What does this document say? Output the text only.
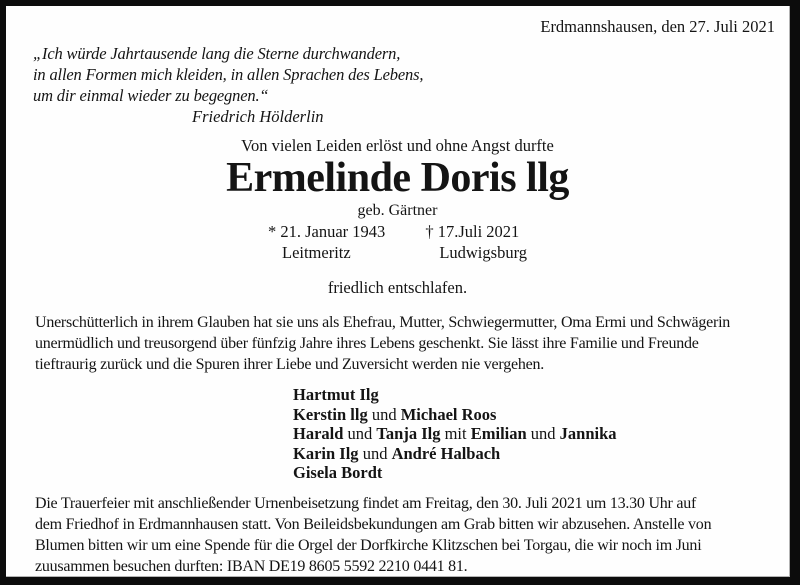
Erdmannshausen, den 27. Juli 2021
„Ich würde Jahrtausende lang die Sterne durchwandern,
in allen Formen mich kleiden, in allen Sprachen des Lebens,
um dir einmal wieder zu begegnen.“
Friedrich Hölderlin
Von vielen Leiden erlöst und ohne Angst durfte
Ermelinde Doris llg
geb. Gärtner
* 21. Januar 1943
Leitmeritz
† 17.Juli 2021
Ludwigsburg
friedlich entschlafen.
Unerschütterlich in ihrem Glauben hat sie uns als Ehefrau, Mutter, Schwiegermutter, Oma Ermi und Schwägerin
unermüdlich und treusorgend über fünfzig Jahre ihres Lebens geschenkt. Sie lässt ihre Familie und Freunde
tieftraurig zurück und die Spuren ihrer Liebe und Zuversicht werden nie vergehen.
Hartmut Ilg
Kerstin llg und Michael Roos
Harald und Tanja Ilg mit Emilian und Jannika
Karin Ilg und André Halbach
Gisela Bordt
Die Trauerfeier mit anschließender Urnenbeisetzung findet am Freitag, den 30. Juli 2021 um 13.30 Uhr auf
dem Friedhof in Erdmannhausen statt. Von Beileidsbekundungen am Grab bitten wir abzusehen. Anstelle von
Blumen bitten wir um eine Spende für die Orgel der Dorfkirche Klitzschen bei Torgau, die wir noch im Juni
zuusammen besuchen durften: IBAN DE19 8605 5592 2210 0441 81.
